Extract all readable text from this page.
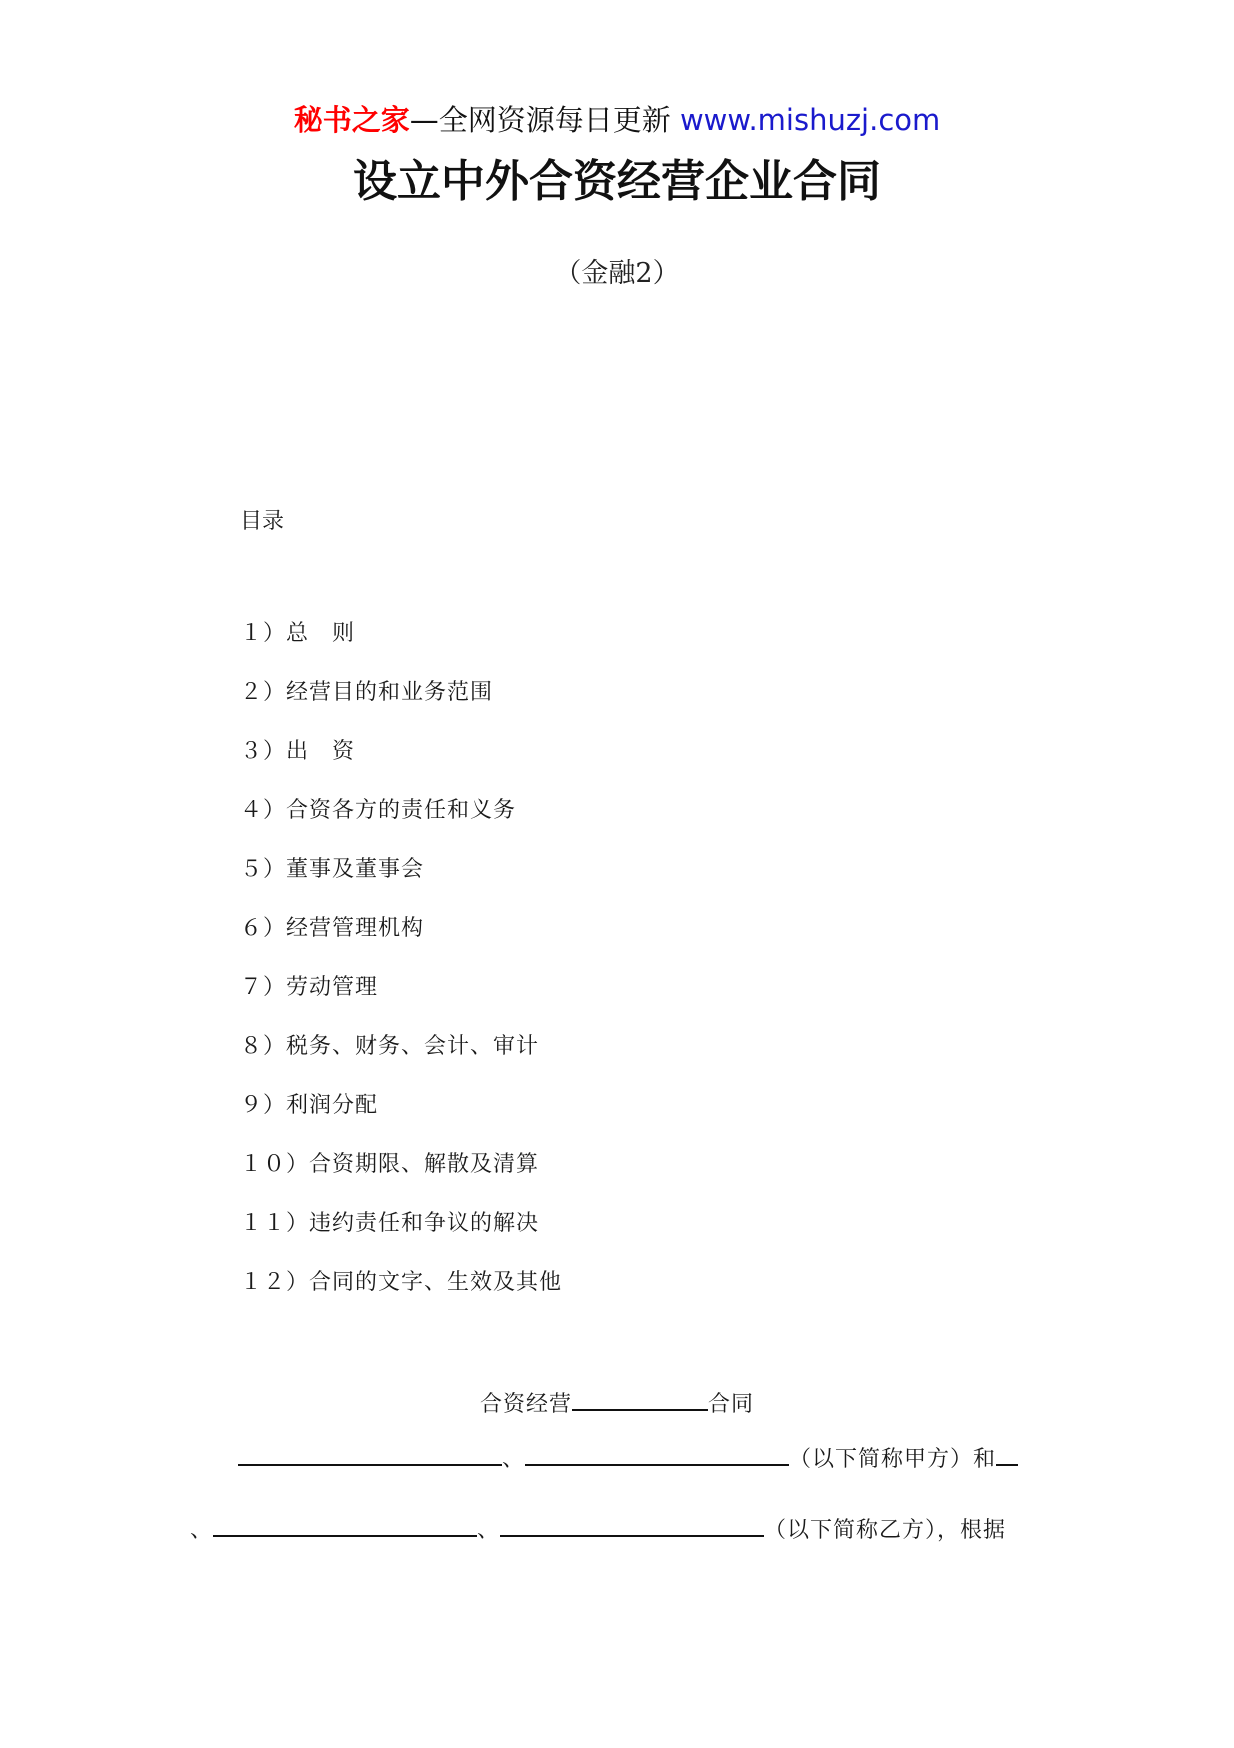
秘书之家—全网资源每日更新 www.mishuzj.com
设立中外合资经营企业合同
（金融2）
目录
１）总　则
２）经营目的和业务范围
３）出　资
４）合资各方的责任和义务
５）董事及董事会
６）经营管理机构
７）劳动管理
８）税务、财务、会计、审计
９）利润分配
１０）合资期限、解散及清算
１１）违约责任和争议的解决
１２）合同的文字、生效及其他
合资经营	合同
、	（以下简称甲方）和
、	、	（以下简称乙方），根据
